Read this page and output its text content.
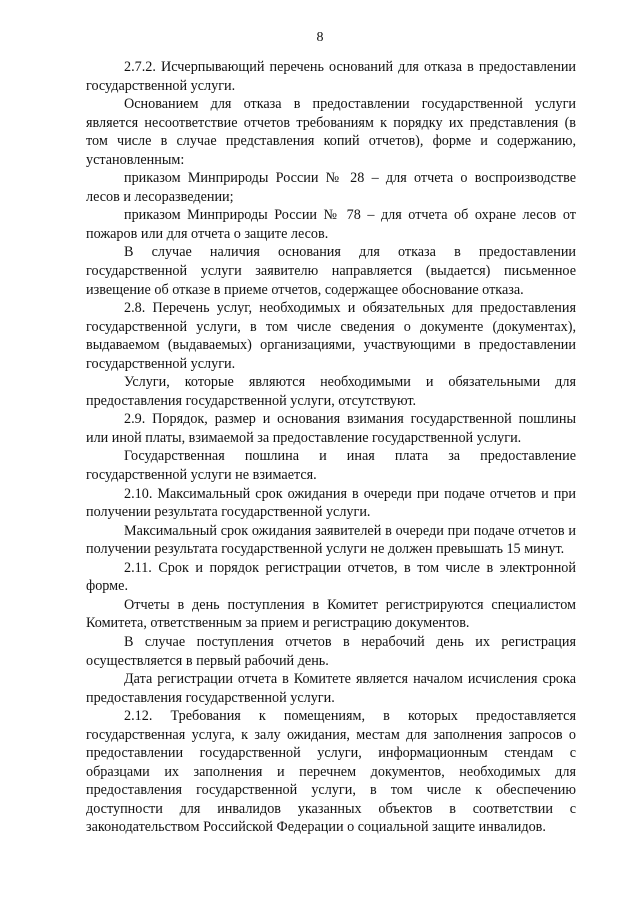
8

2.7.2. Исчерпывающий перечень оснований для отказа в предоставлении государственной услуги.

Основанием для отказа в предоставлении государственной услуги является несоответствие отчетов требованиям к порядку их представления (в том числе в случае представления копий отчетов), форме и содержанию, установленным:

приказом Минприроды России № 28 – для отчета о воспроизводстве лесов и лесоразведении;

приказом Минприроды России № 78 – для отчета об охране лесов от пожаров или для отчета о защите лесов.

В случае наличия основания для отказа в предоставлении государственной услуги заявителю направляется (выдается) письменное извещение об отказе в приеме отчетов, содержащее обоснование отказа.

2.8. Перечень услуг, необходимых и обязательных для предоставления государственной услуги, в том числе сведения о документе (документах), выдаваемом (выдаваемых) организациями, участвующими в предоставлении государственной услуги.

Услуги, которые являются необходимыми и обязательными для предоставления государственной услуги, отсутствуют.

2.9. Порядок, размер и основания взимания государственной пошлины или иной платы, взимаемой за предоставление государственной услуги.

Государственная пошлина и иная плата за предоставление государственной услуги не взимается.

2.10. Максимальный срок ожидания в очереди при подаче отчетов и при получении результата государственной услуги.

Максимальный срок ожидания заявителей в очереди при подаче отчетов и получении результата государственной услуги не должен превышать 15 минут.

2.11. Срок и порядок регистрации отчетов, в том числе в электронной форме.

Отчеты в день поступления в Комитет регистрируются специалистом Комитета, ответственным за прием и регистрацию документов.

В случае поступления отчетов в нерабочий день их регистрация осуществляется в первый рабочий день.

Дата регистрации отчета в Комитете является началом исчисления срока предоставления государственной услуги.

2.12. Требования к помещениям, в которых предоставляется государственная услуга, к залу ожидания, местам для заполнения запросов о предоставлении государственной услуги, информационным стендам с образцами их заполнения и перечнем документов, необходимых для предоставления государственной услуги, в том числе к обеспечению доступности для инвалидов указанных объектов в соответствии с законодательством Российской Федерации о социальной защите инвалидов.
